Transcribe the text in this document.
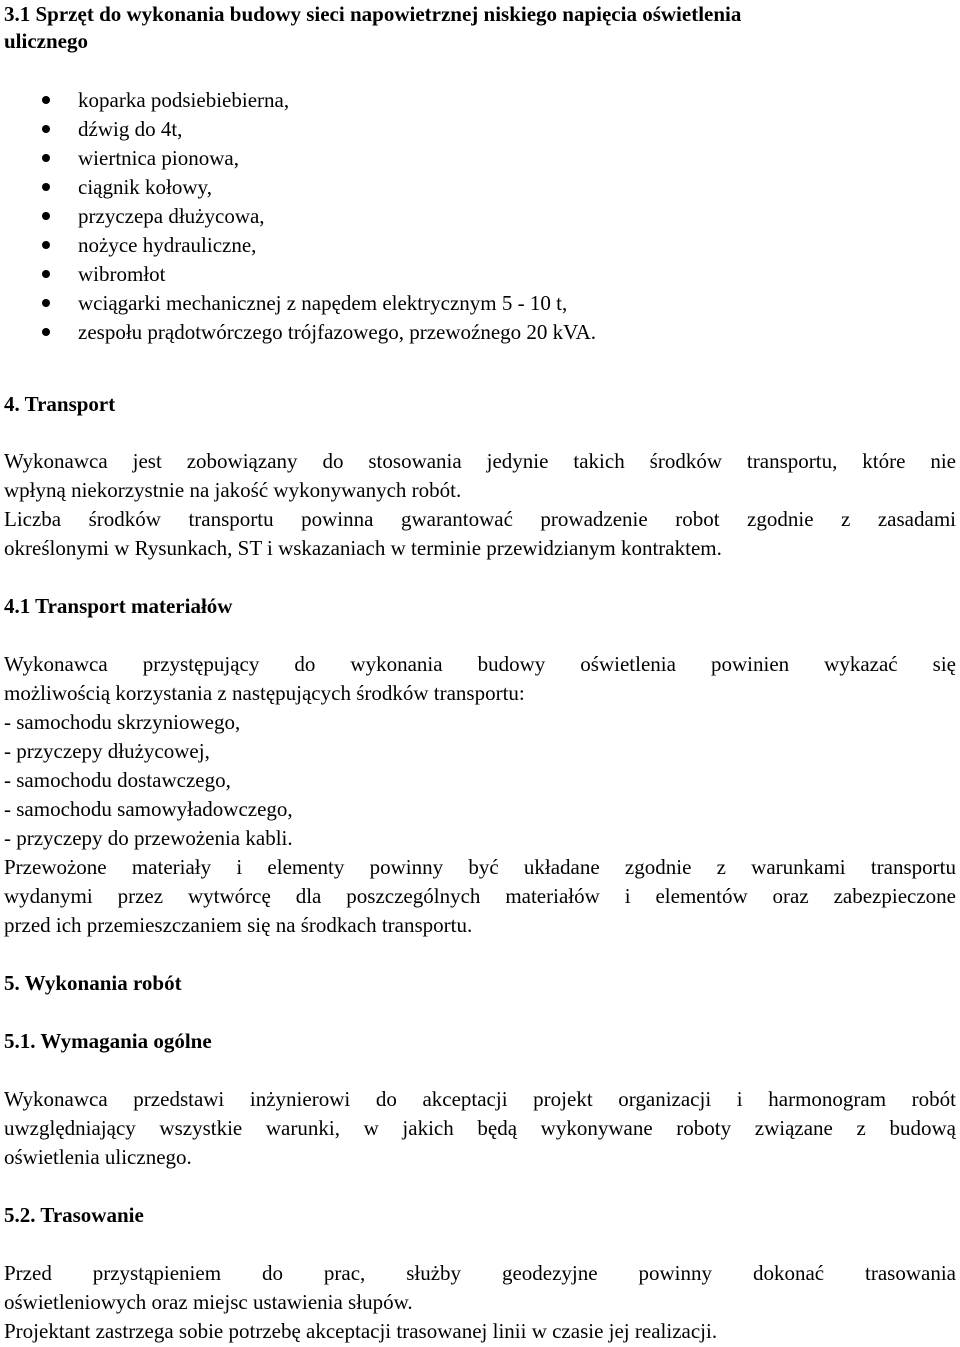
3.1 Sprzęt do wykonania budowy sieci napowietrznej niskiego napięcia oświetlenia
ulicznego
koparka podsiebiebierna,
dźwig do 4t,
wiertnica pionowa,
ciągnik kołowy,
przyczepa dłużycowa,
nożyce hydrauliczne,
wibromłot
wciągarki mechanicznej z napędem elektrycznym 5 - 10 t,
zespołu prądotwórczego trójfazowego, przewoźnego 20 kVA.
4. Transport
Wykonawca jest zobowiązany do stosowania jedynie takich środków transportu, które nie
wpłyną niekorzystnie na jakość wykonywanych robót.
Liczba środków transportu powinna gwarantować prowadzenie robot zgodnie z zasadami
określonymi w Rysunkach, ST i wskazaniach w terminie przewidzianym kontraktem.
4.1 Transport materiałów
Wykonawca przystępujący do wykonania budowy oświetlenia powinien wykazać się
możliwością korzystania z następujących środków transportu:
- samochodu skrzyniowego,
- przyczepy dłużycowej,
- samochodu dostawczego,
- samochodu samowyładowczego,
- przyczepy do przewożenia kabli.
Przewożone materiały i elementy powinny być układane zgodnie z warunkami transportu
wydanymi przez wytwórcę dla poszczególnych materiałów i elementów oraz zabezpieczone
przed ich przemieszczaniem się na środkach transportu.
5. Wykonania robót
5.1. Wymagania ogólne
Wykonawca przedstawi inżynierowi do akceptacji projekt organizacji i harmonogram robót
uwzględniający wszystkie warunki, w jakich będą wykonywane roboty związane z budową
oświetlenia ulicznego.
5.2. Trasowanie
Przed przystąpieniem do prac, służby geodezyjne powinny dokonać trasowania
oświetleniowych oraz miejsc ustawienia słupów.
Projektant zastrzega sobie potrzebę akceptacji trasowanej linii w czasie jej realizacji.
